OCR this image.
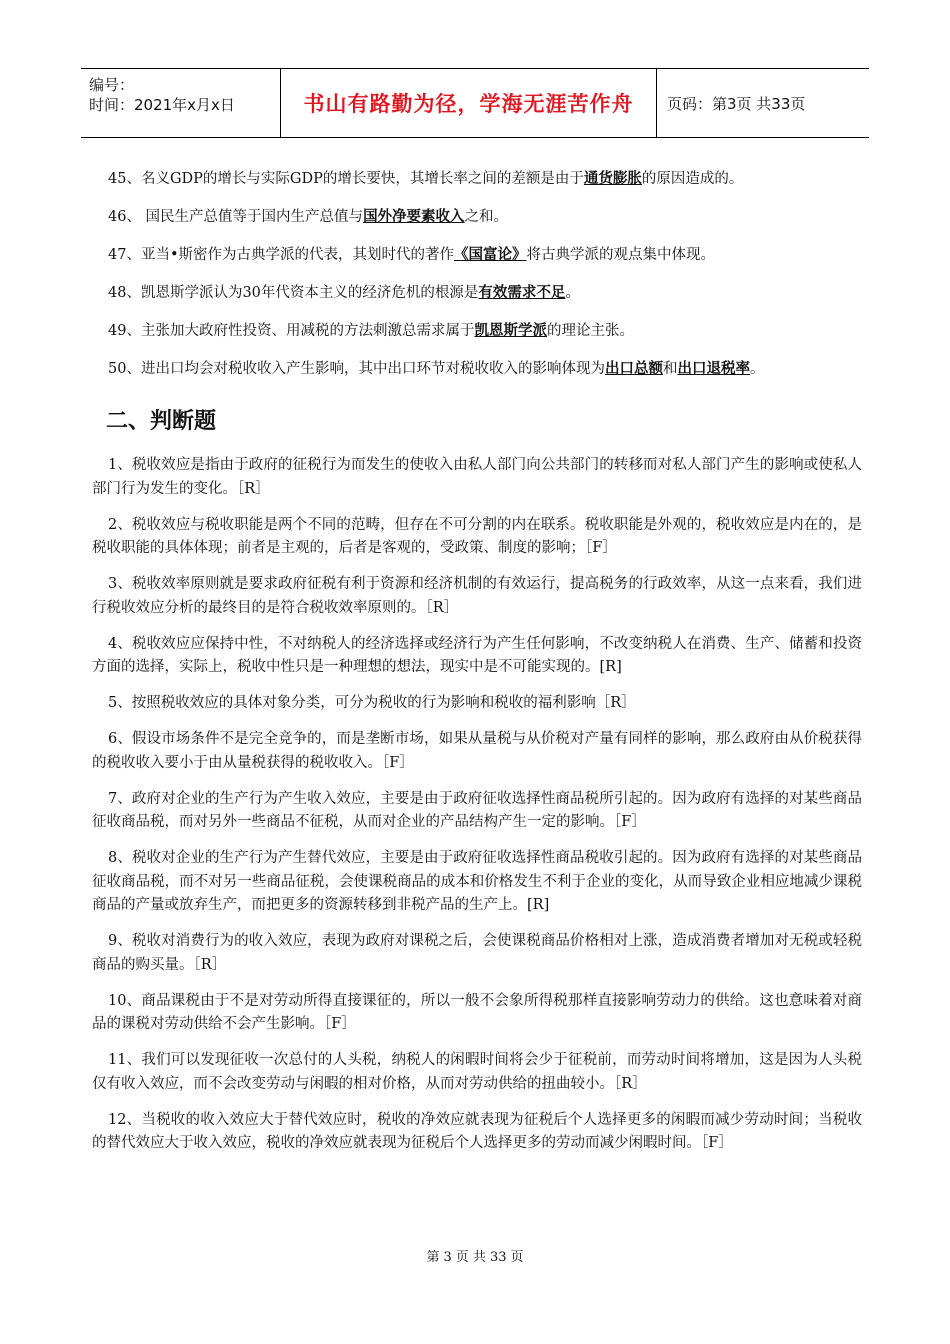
编号：
时间：2021年x月x日	书山有路勤为径，学海无涯苦作舟 页码：第3页 共33页

45、名义GDP的增长与实际GDP的增长要快，其增长率之间的差额是由于通货膨胀的原因造成的。

46、 国民生产总值等于国内生产总值与国外净要素收入之和。

47、亚当•斯密作为古典学派的代表，其划时代的著作《国富论》将古典学派的观点集中体现。

48、凯恩斯学派认为30年代资本主义的经济危机的根源是有效需求不足。

49、主张加大政府性投资、用减税的方法刺激总需求属于凯恩斯学派的理论主张。

50、进出口均会对税收收入产生影响，其中出口环节对税收收入的影响体现为出口总额和出口退税率。

二、判断题

1、税收效应是指由于政府的征税行为而发生的使收入由私人部门向公共部门的转移而对私人部门产生的影响或使私人部门行为发生的变化。［R］

2、税收效应与税收职能是两个不同的范畴，但存在不可分割的内在联系。税收职能是外观的，税收效应是内在的，是税收职能的具体体现；前者是主观的，后者是客观的，受政策、制度的影响；［F］

3、税收效率原则就是要求政府征税有利于资源和经济机制的有效运行，提高税务的行政效率，从这一点来看，我们进行税收效应分析的最终目的是符合税收效率原则的。［R］

4、税收效应应保持中性，不对纳税人的经济选择或经济行为产生任何影响，不改变纳税人在消费、生产、储蓄和投资方面的选择，实际上，税收中性只是一种理想的想法，现实中是不可能实现的。[R]

5、按照税收效应的具体对象分类，可分为税收的行为影响和税收的福利影响［R］

6、假设市场条件不是完全竞争的，而是垄断市场，如果从量税与从价税对产量有同样的影响，那么政府由从价税获得的税收收入要小于由从量税获得的税收收入。［F］

7、政府对企业的生产行为产生收入效应，主要是由于政府征收选择性商品税所引起的。因为政府有选择的对某些商品征收商品税，而对另外一些商品不征税，从而对企业的产品结构产生一定的影响。［F］

8、税收对企业的生产行为产生替代效应，主要是由于政府征收选择性商品税收引起的。因为政府有选择的对某些商品征收商品税，而不对另一些商品征税，会使课税商品的成本和价格发生不利于企业的变化，从而导致企业相应地减少课税商品的产量或放弃生产，而把更多的资源转移到非税产品的生产上。[R]

9、税收对消费行为的收入效应，表现为政府对课税之后，会使课税商品价格相对上涨，造成消费者增加对无税或轻税商品的购买量。［R］

10、商品课税由于不是对劳动所得直接课征的，所以一般不会象所得税那样直接影响劳动力的供给。这也意味着对商品的课税对劳动供给不会产生影响。［F］

11、我们可以发现征收一次总付的人头税，纳税人的闲暇时间将会少于征税前，而劳动时间将增加，这是因为人头税仅有收入效应，而不会改变劳动与闲暇的相对价格，从而对劳动供给的扭曲较小。［R］

12、当税收的收入效应大于替代效应时，税收的净效应就表现为征税后个人选择更多的闲暇而减少劳动时间；当税收的替代效应大于收入效应，税收的净效应就表现为征税后个人选择更多的劳动而减少闲暇时间。［F］

第 3 页 共 33 页
